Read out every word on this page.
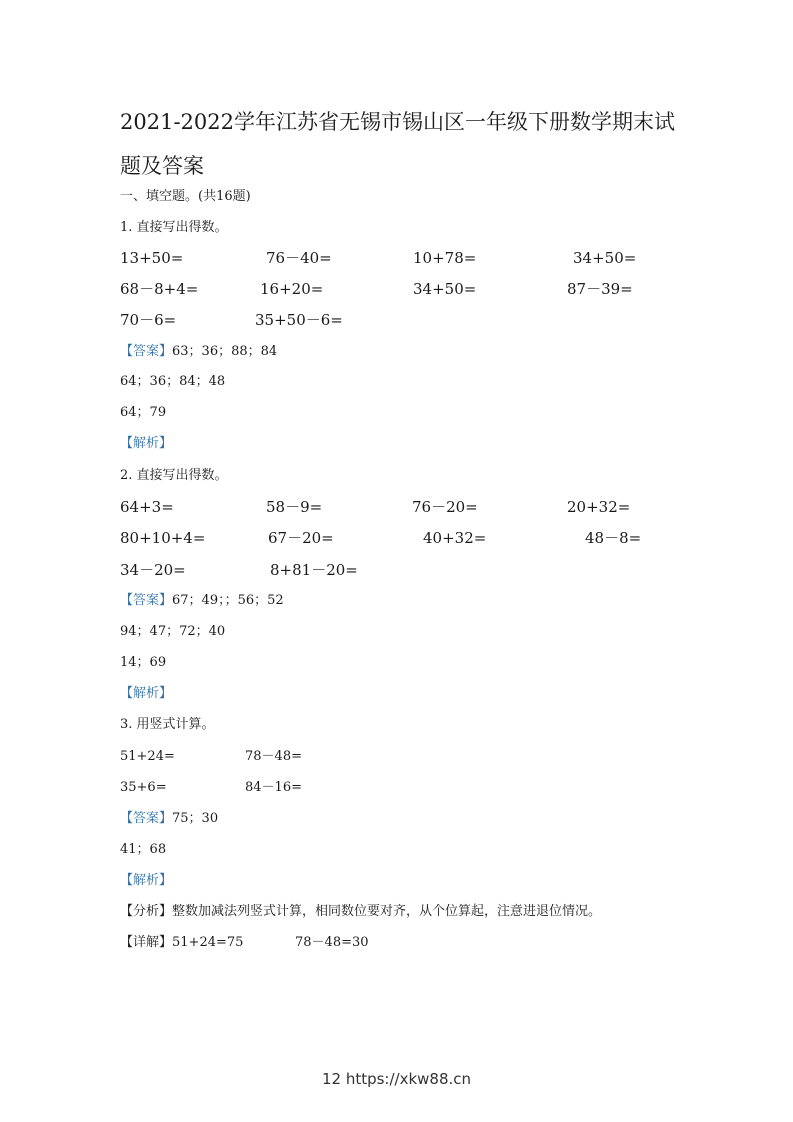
2021-2022学年江苏省无锡市锡山区一年级下册数学期末试题及答案
一、填空题。(共16题)
1. 直接写出得数。
13+50=	76－40=	10+78=	34+50=
68－8+4=	16+20=	34+50=	87－39=
70－6=	35+50－6=
【答案】63；36；88；84
64；36；84；48
64；79
【解析】
2. 直接写出得数。
64+3=	58－9=	76－20=	20+32=
80+10+4=	67－20=	40+32=	48－8=
34－20=	8+81－20=
【答案】67；49；；56；52
94；47；72；40
14；69
【解析】
3. 用竖式计算。
51+24=	78－48=
35+6=	84－16=
【答案】75；30
41；68
【解析】
【分析】整数加减法列竖式计算，相同数位要对齐，从个位算起，注意进退位情况。
【详解】51+24=75	78－48=30
12 https://xkw88.cn
